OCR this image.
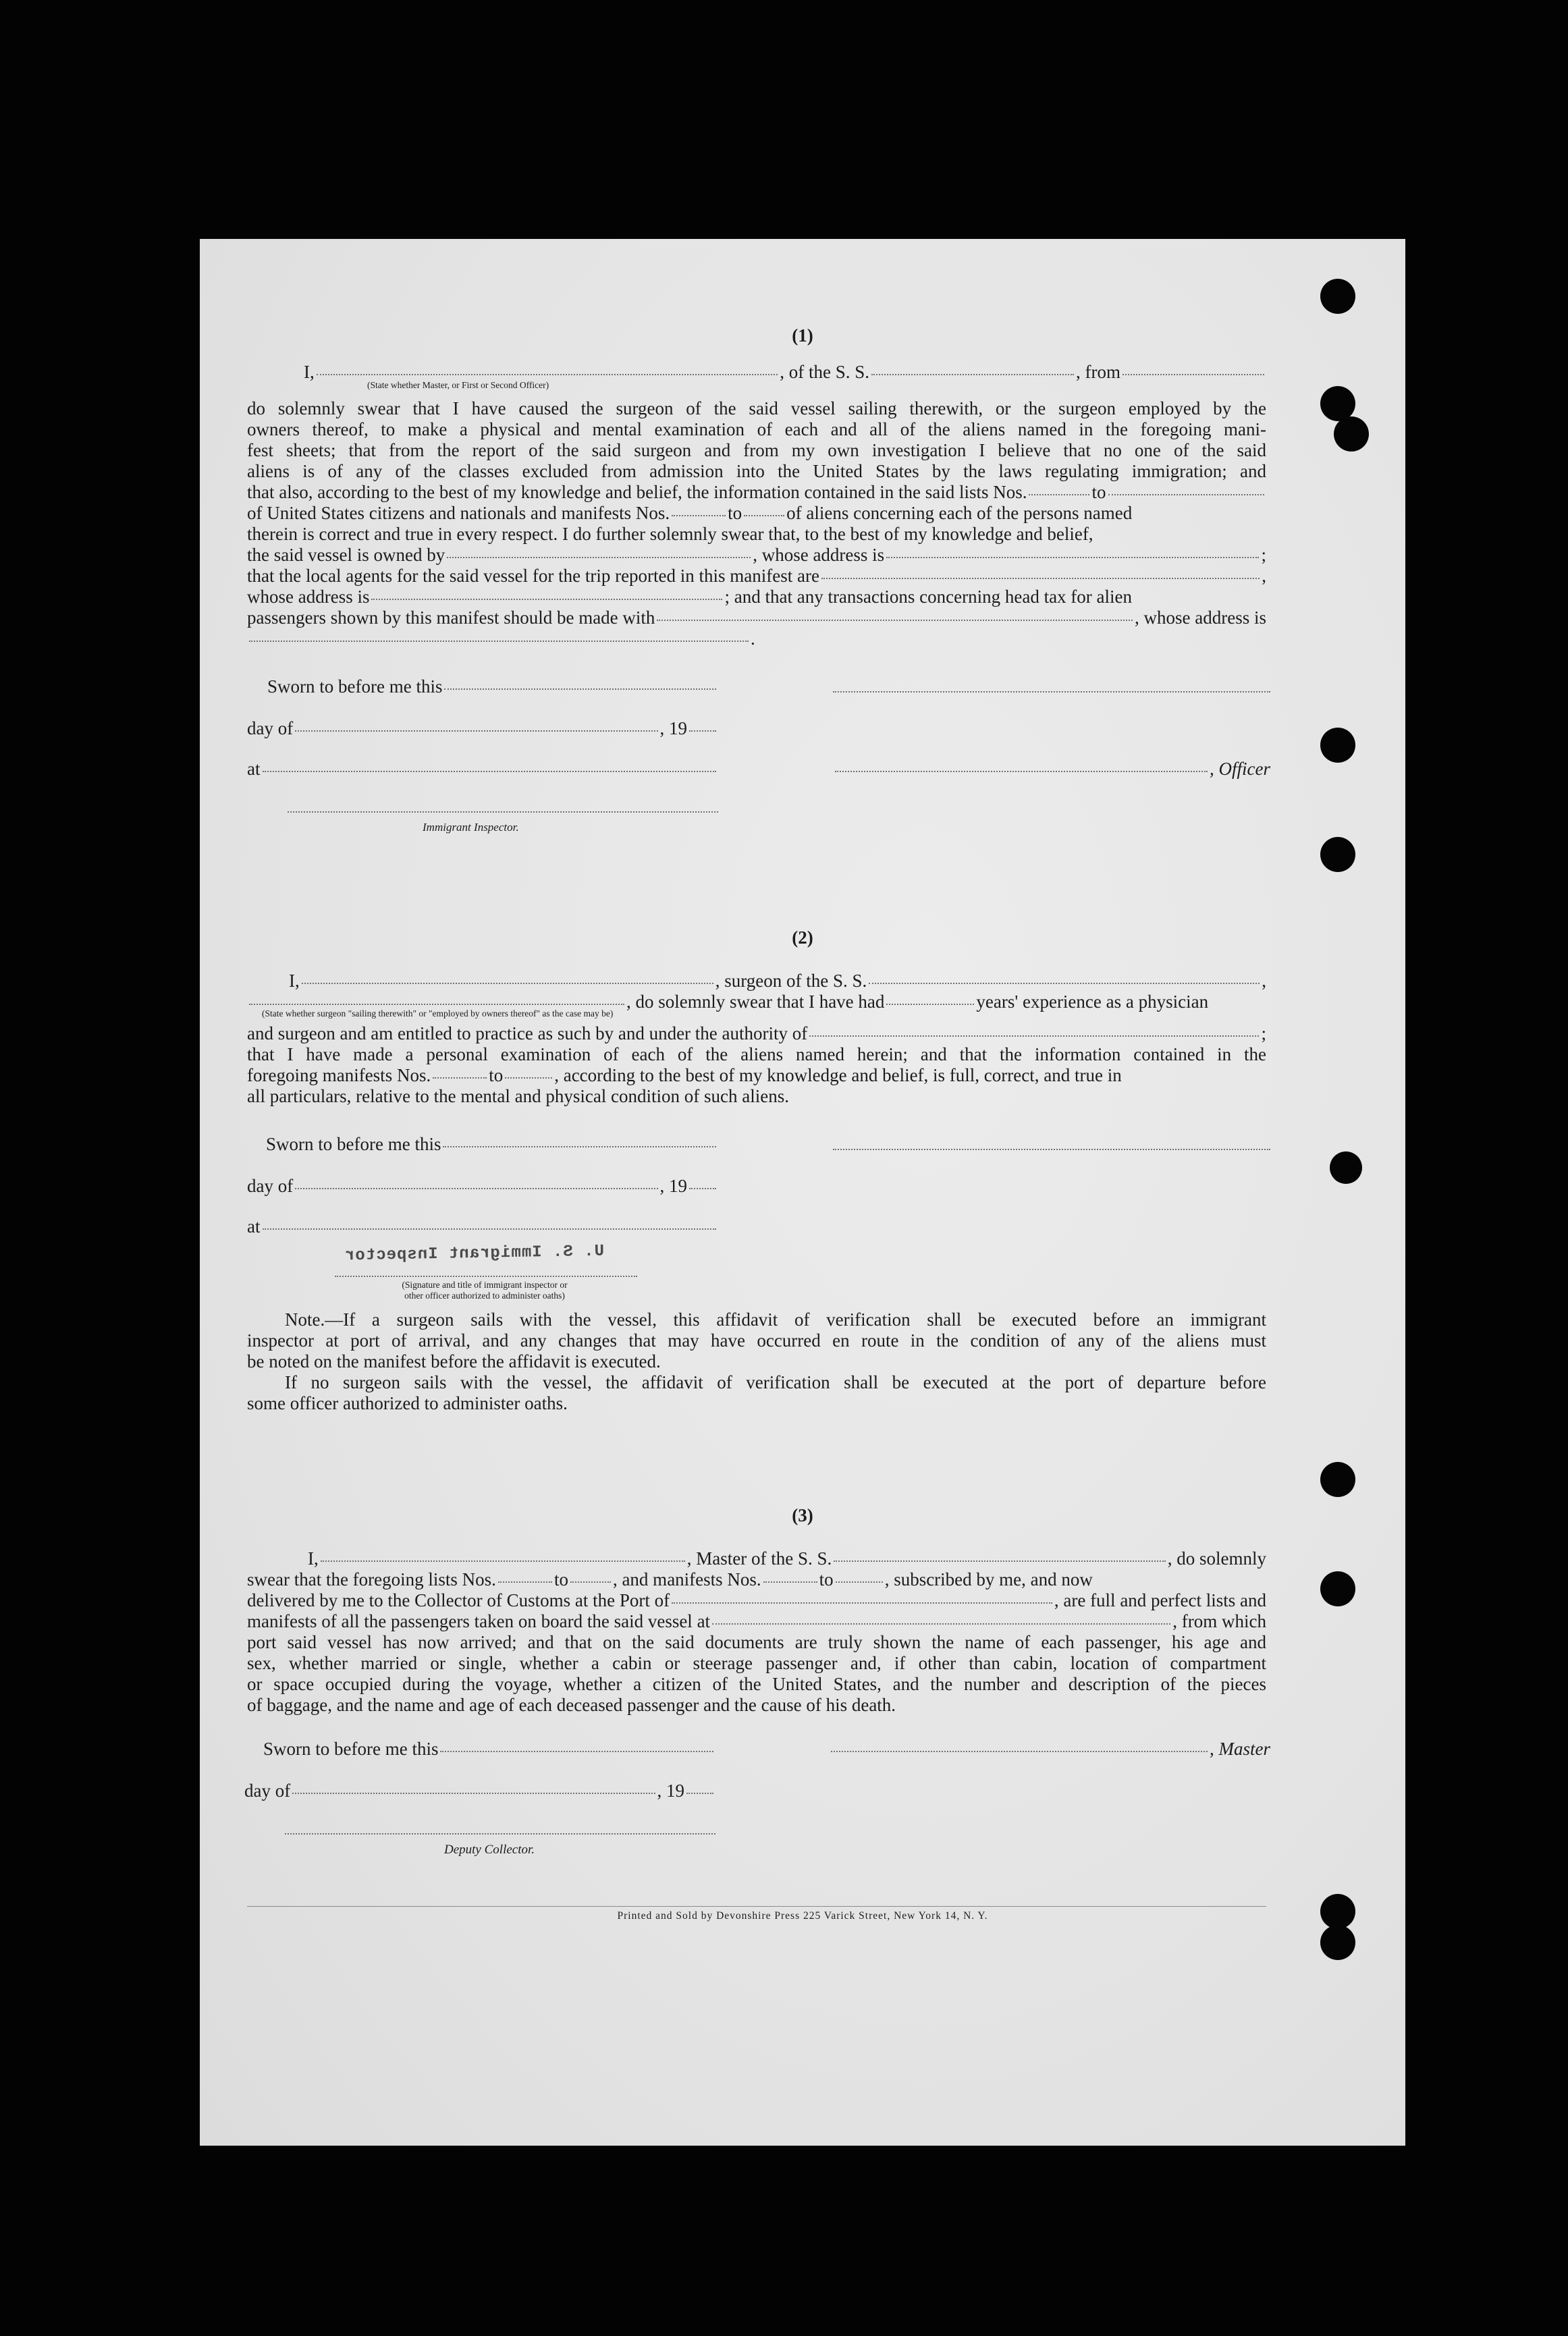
(1)
I,	, of the S. S.	, from
(State whether Master, or First or Second Officer)
do solemnly swear that I have caused the surgeon of the said vessel sailing therewith, or the surgeon employed by the
owners thereof, to make a physical and mental examination of each and all of the aliens named in the foregoing mani-
fest sheets; that from the report of the said surgeon and from my own investigation I believe that no one of the said
aliens is of any of the classes excluded from admission into the United States by the laws regulating immigration; and
that also, according to the best of my knowledge and belief, the information contained in the said lists Nos.	to
of United States citizens and nationals and manifests Nos.	to of aliens concerning each of the persons named
therein is correct and true in every respect. I do further solemnly swear that, to the best of my knowledge and belief,
the said vessel is owned by	, whose address is	;
that the local agents for the said vessel for the trip reported in this manifest are	,
whose address is	; and that any transactions concerning head tax for alien
passengers shown by this manifest should be made with	, whose address is
.
Sworn to before me this
day of	, 19
at
Immigrant Inspector.
, Officer
(2)
I,	, surgeon of the S. S.	,
, do solemnly swear that I have had	years' experience as a physician
(State whether surgeon "sailing therewith" or "employed by owners thereof" as the case may be)
and surgeon and am entitled to practice as such by and under the authority of	;
that I have made a personal examination of each of the aliens named herein; and that the information contained in the
foregoing manifests Nos.	to	, according to the best of my knowledge and belief, is full, correct, and true in
all particulars, relative to the mental and physical condition of such aliens.
Sworn to before me this
day of	, 19
at
U. S. Immigrant Inspector
(Signature and title of immigrant inspector or
other officer authorized to administer oaths)
Note.—If a surgeon sails with the vessel, this affidavit of verification shall be executed before an immigrant
inspector at port of arrival, and any changes that may have occurred en route in the condition of any of the aliens must
be noted on the manifest before the affidavit is executed.
If no surgeon sails with the vessel, the affidavit of verification shall be executed at the port of departure before
some officer authorized to administer oaths.
(3)
I,	, Master of the S. S.	, do solemnly
swear that the foregoing lists Nos.	to , and manifests Nos.	to	, subscribed by me, and now
delivered by me to the Collector of Customs at the Port of	, are full and perfect lists and
manifests of all the passengers taken on board the said vessel at	, from which
port said vessel has now arrived; and that on the said documents are truly shown the name of each passenger, his age and
sex, whether married or single, whether a cabin or steerage passenger and, if other than cabin, location of compartment
or space occupied during the voyage, whether a citizen of the United States, and the number and description of the pieces
of baggage, and the name and age of each deceased passenger and the cause of his death.
Sworn to before me this	, Master
day of	, 19
Deputy Collector.
Printed and Sold by Devonshire Press 225 Varick Street, New York 14, N. Y.
